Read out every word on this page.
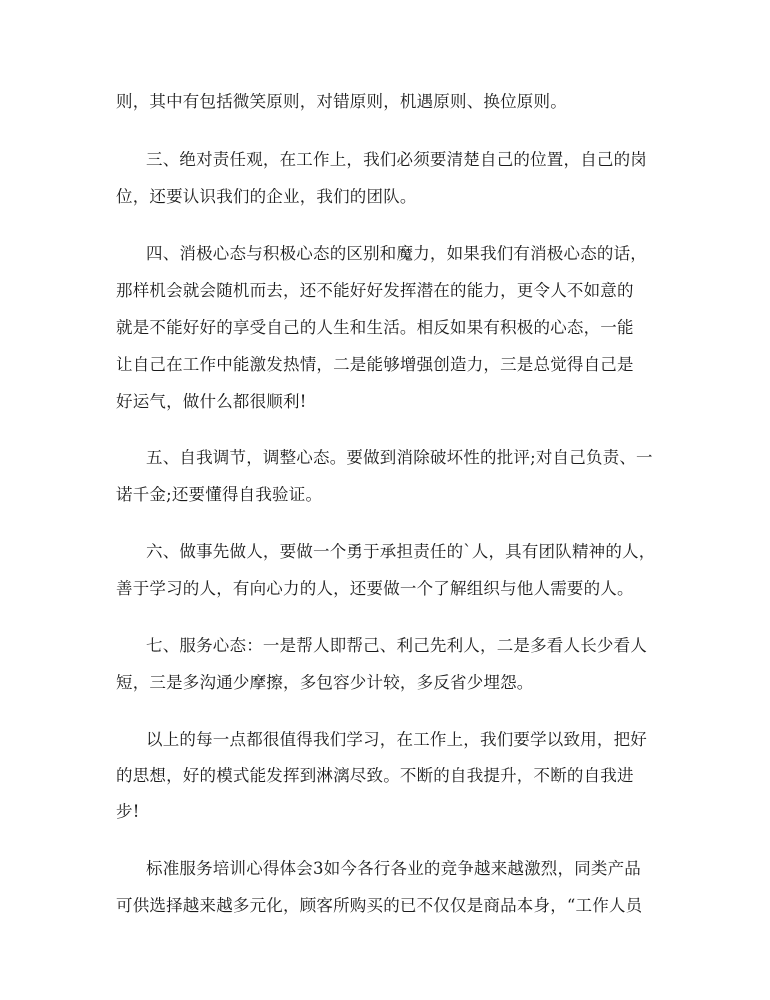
则，其中有包括微笑原则，对错原则，机遇原则、换位原则。
三、绝对责任观，在工作上，我们必须要清楚自己的位置，自己的岗
位，还要认识我们的企业，我们的团队。
四、消极心态与积极心态的区别和魔力，如果我们有消极心态的话，
那样机会就会随机而去，还不能好好发挥潜在的能力，更令人不如意的
就是不能好好的享受自己的人生和生活。相反如果有积极的心态，一能
让自己在工作中能激发热情，二是能够增强创造力，三是总觉得自己是
好运气，做什么都很顺利!
五、自我调节，调整心态。要做到消除破坏性的批评;对自己负责、一
诺千金;还要懂得自我验证。
六、做事先做人，要做一个勇于承担责任的`人，具有团队精神的人，
善于学习的人，有向心力的人，还要做一个了解组织与他人需要的人。
七、服务心态：一是帮人即帮己、利己先利人，二是多看人长少看人
短，三是多沟通少摩擦，多包容少计较，多反省少埋怨。
以上的每一点都很值得我们学习，在工作上，我们要学以致用，把好
的思想，好的模式能发挥到淋漓尽致。不断的自我提升，不断的自我进
步!
标准服务培训心得体会3如今各行各业的竞争越来越激烈，同类产品
可供选择越来越多元化，顾客所购买的已不仅仅是商品本身，“工作人员
